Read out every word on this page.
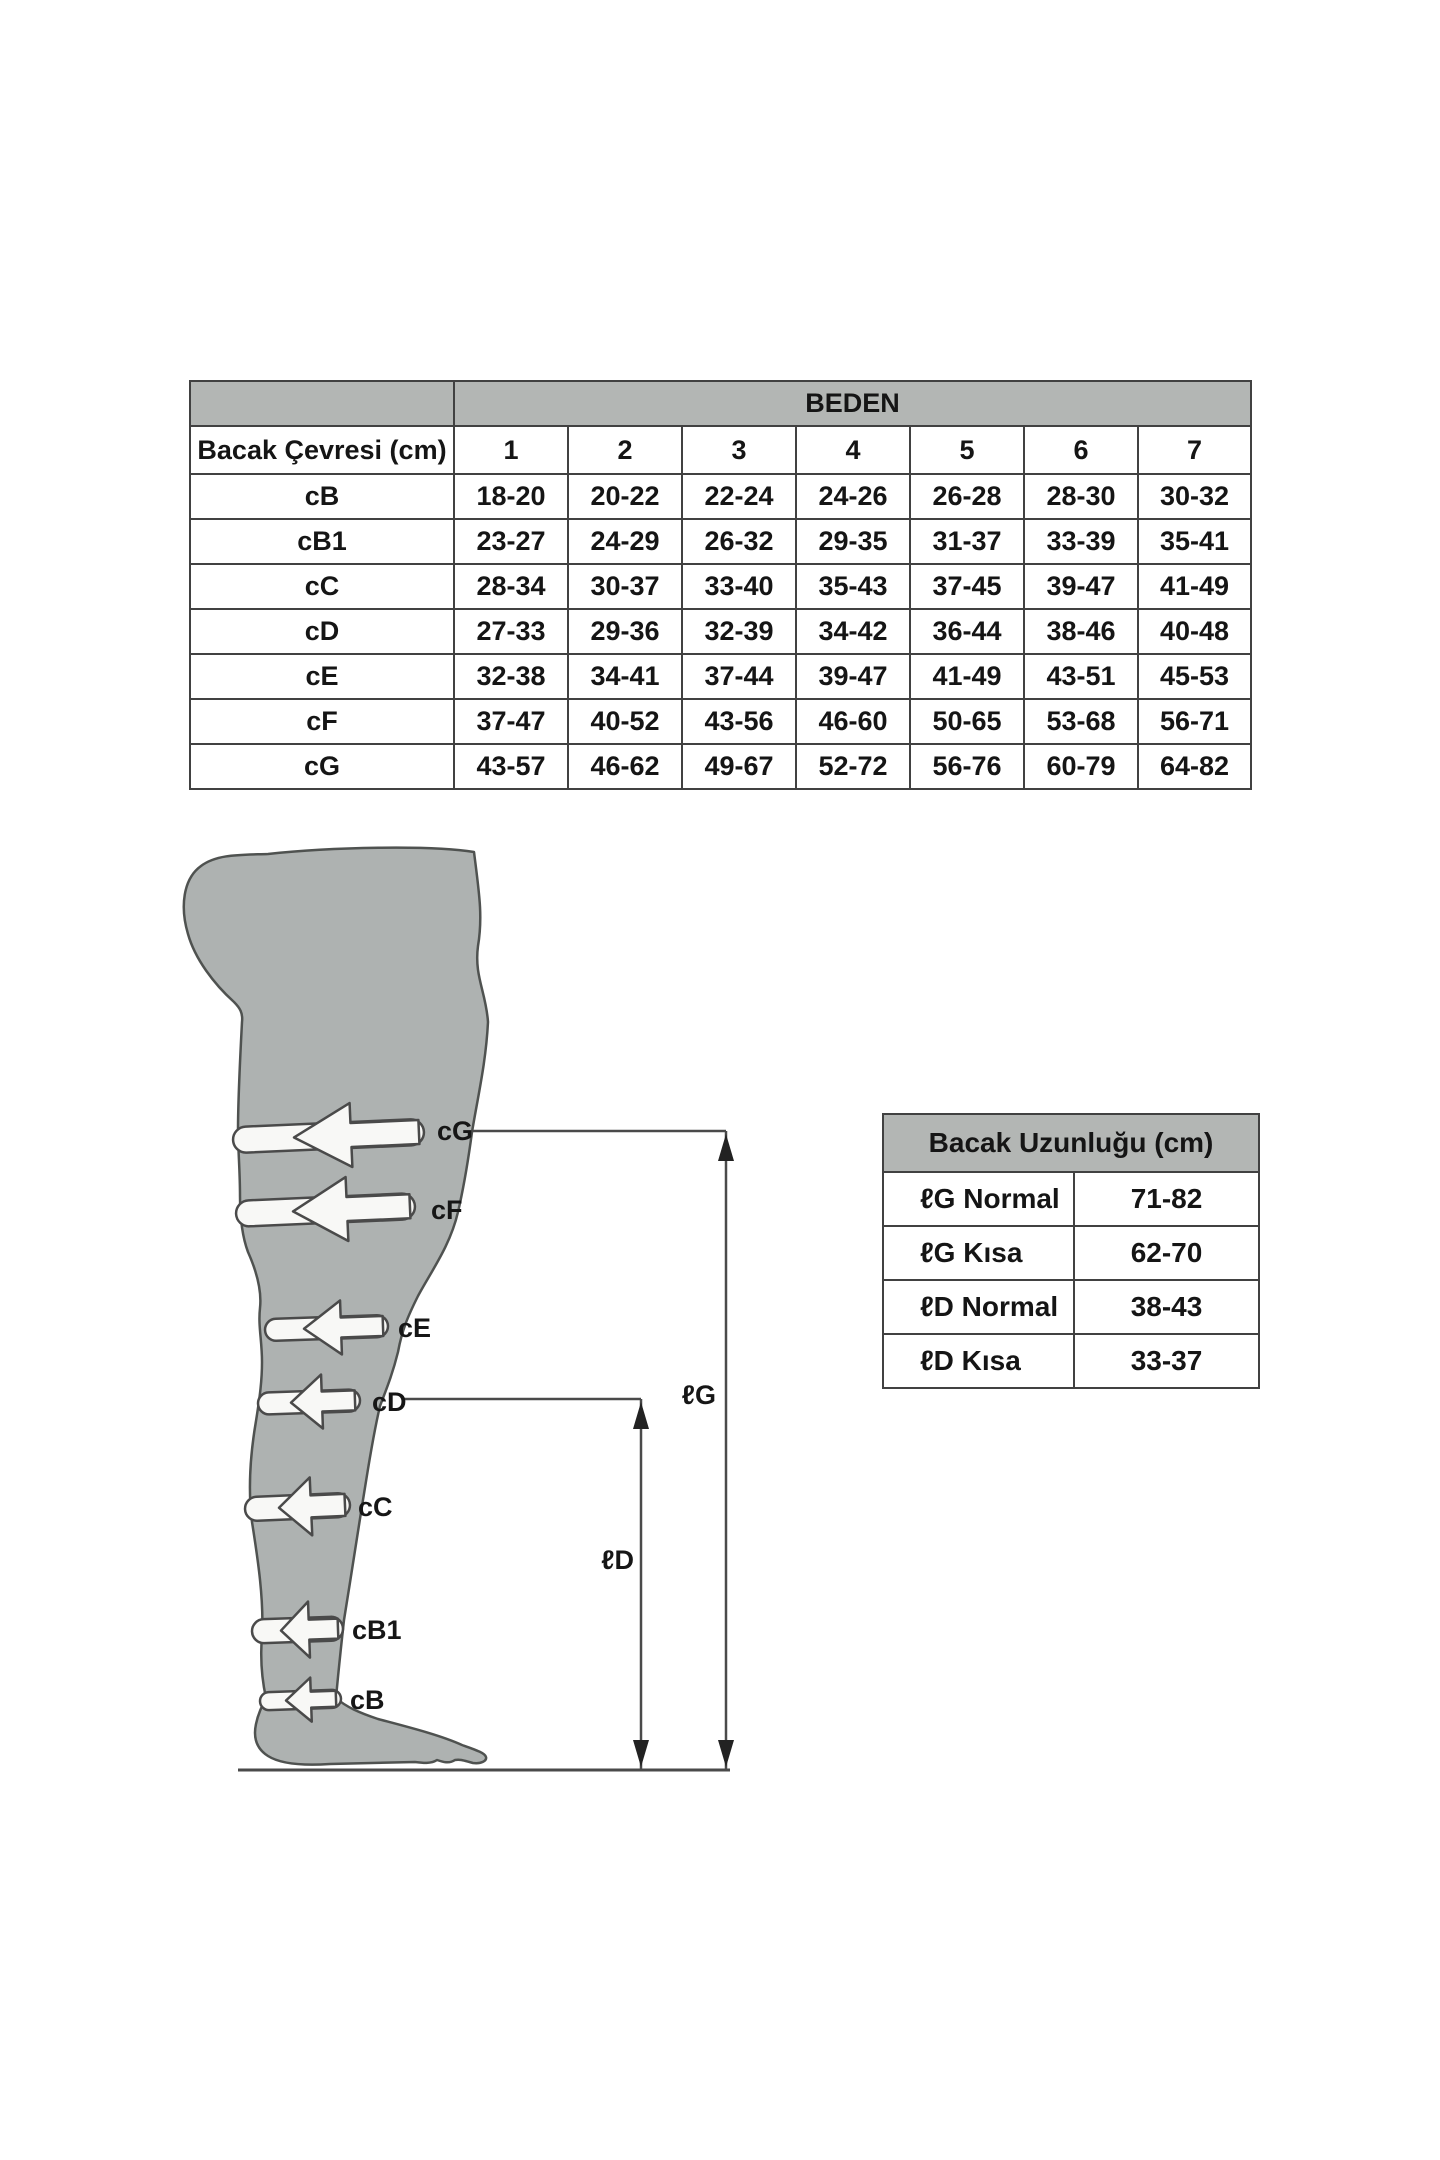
	BEDEN						
Bacak Çevresi (cm)	1	2	3	4	5	6	7
cB	18-20	20-22	22-24	24-26	26-28	28-30	30-32
cB1	23-27	24-29	26-32	29-35	31-37	33-39	35-41
cC	28-34	30-37	33-40	35-43	37-45	39-47	41-49
cD	27-33	29-36	32-39	34-42	36-44	38-46	40-48
cE	32-38	34-41	37-44	39-47	41-49	43-51	45-53
cF	37-47	40-52	43-56	46-60	50-65	53-68	56-71
cG	43-57	46-62	49-67	52-72	56-76	60-79	64-82
cG
cF
cE
cD
cC
cB1
cB
ℓG
ℓD
Bacak Uzunluğu (cm)	
ℓG Normal	71-82
ℓG Kısa	62-70
ℓD Normal	38-43
ℓD Kısa	33-37
